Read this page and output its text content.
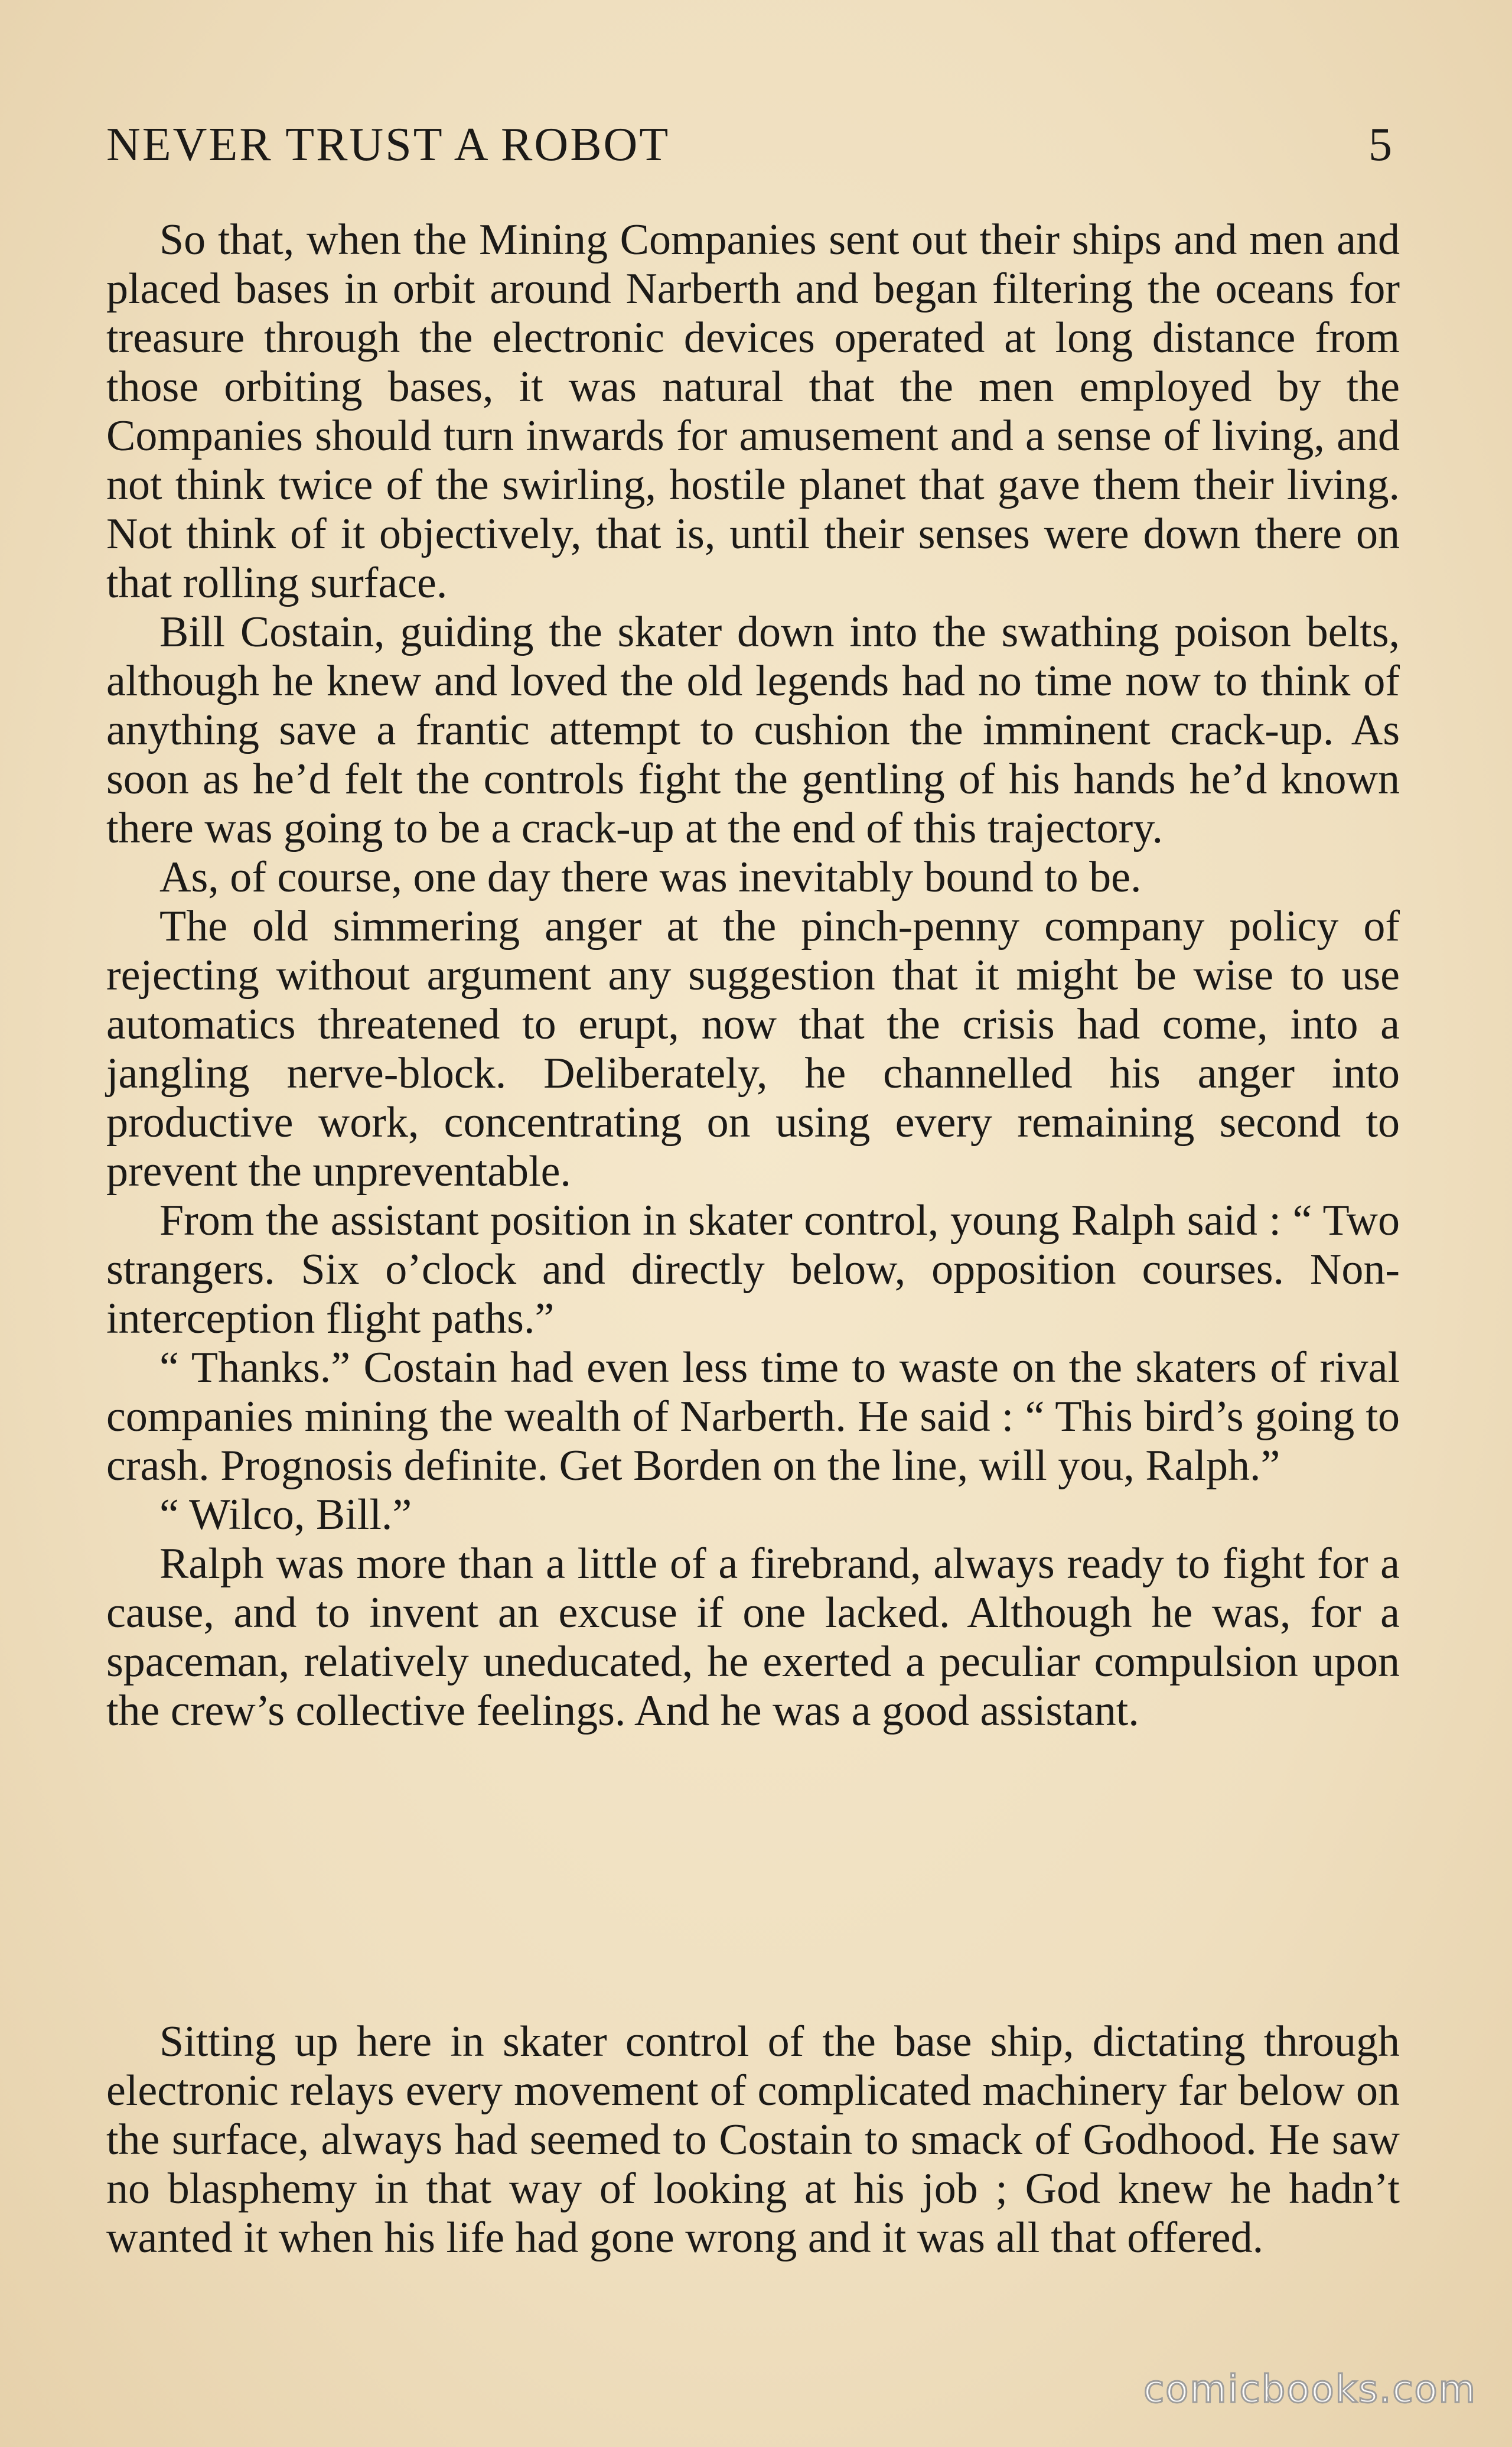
NEVER TRUST A ROBOT	5

So that, when the Mining Companies sent out their ships and men and placed bases in orbit around Narberth and began filtering the oceans for treasure through the electronic devices operated at long distance from those orbiting bases, it was natural that the men employed by the Companies should turn inwards for amusement and a sense of living, and not think twice of the swirling, hostile planet that gave them their living. Not think of it objectively, that is, until their senses were down there on that rolling surface.

Bill Costain, guiding the skater down into the swathing poison belts, although he knew and loved the old legends had no time now to think of anything save a frantic attempt to cushion the imminent crack-up. As soon as he’d felt the controls fight the gentling of his hands he’d known there was going to be a crack-up at the end of this trajectory.

As, of course, one day there was inevitably bound to be.

The old simmering anger at the pinch-penny company policy of rejecting without argument any suggestion that it might be wise to use automatics threatened to erupt, now that the crisis had come, into a jangling nerve-block. Deliberately, he channelled his anger into productive work, concentrating on using every remaining second to prevent the unpreventable.

From the assistant position in skater control, young Ralph said : “ Two strangers. Six o’clock and directly below, opposition courses. Non-interception flight paths.”

“ Thanks.” Costain had even less time to waste on the skaters of rival companies mining the wealth of Narberth. He said : “ This bird’s going to crash. Prognosis definite. Get Borden on the line, will you, Ralph.”

“ Wilco, Bill.”

Ralph was more than a little of a firebrand, always ready to fight for a cause, and to invent an excuse if one lacked. Although he was, for a spaceman, relatively uneducated, he exerted a peculiar compulsion upon the crew’s collective feelings. And he was a good assistant.

Sitting up here in skater control of the base ship, dictating through electronic relays every movement of complicated machinery far below on the surface, always had seemed to Costain to smack of Godhood. He saw no blasphemy in that way of looking at his job ; God knew he hadn’t wanted it when his life had gone wrong and it was all that offered.

comicbooks.com
